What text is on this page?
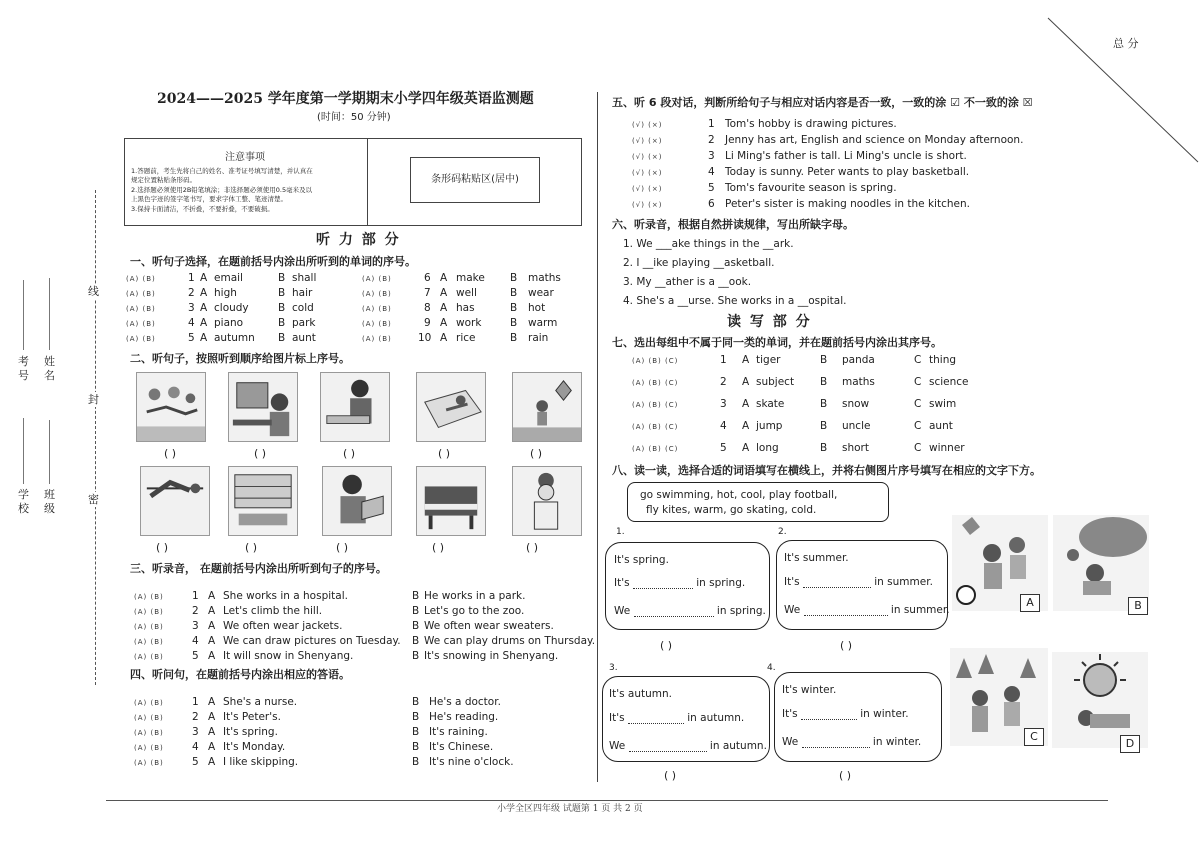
总 分
线
封
密
考号
姓名
学校
班级
2024——2025 学年度第一学期期末小学四年级英语监测题
(时间：50 分钟)
注意事项
1.答题前，考生先将自己的姓名、准考证号填写清楚，并认真在
规定位置粘贴条形码。
2.选择题必须使用2B铅笔填涂；非选择题必须使用0.5毫米及以
上黑色字迹的签字笔书写，要求字体工整、笔迹清楚。
3.保持卡面清洁，不折叠，不要折叠，不要破损。
条形码粘贴区(居中)
听 力 部 分
一、听句子选择，在题前括号内涂出所听到的单词的序号。
(A) (B)	1 A email	B shall
(A) (B)	2 A high	B hair
(A) (B)	3 A cloudy	B cold
(A) (B)	4 A piano	B park
(A) (B)	5 A autumn B aunt
(A) (B)	6 A make B maths
(A) (B)	7 A well	B wear
(A) (B)	8 A has	B hot
(A) (B)	9 A work	B warm
(A) (B)	10 A rice	B rain
二、听句子，按照听到顺序给图片标上序号。
( )	( )	( )	( )	( )
( )	( )	( )	( )	( )
三、听录音， 在题前括号内涂出所听到句子的序号。
(A) (B)	1 A She works in a hospital.	B He works in a park.
(A) (B)	2 A Let's climb the hill.	B Let's go to the zoo.
(A) (B)	3 A We often wear jackets.	B We often wear sweaters.
(A) (B)	4 A We can draw pictures on Tuesday. B We can play drums on Thursday.
(A) (B)	5 A It will snow in Shenyang.	B It's snowing in Shenyang.
四、听问句，在题前括号内涂出相应的答语。
(A) (B)	1 A She's a nurse.	B He's a doctor.
(A) (B)	2 A It's Peter's.	B He's reading.
(A) (B)	3 A It's spring.	B It's raining.
(A) (B)	4 A It's Monday.	B It's Chinese.
(A) (B)	5 A I like skipping.	B It's nine o'clock.
五、听 6 段对话，判断所给句子与相应对话内容是否一致，一致的涂 ☑ 不一致的涂 ☒
(√) (×)	1 Tom's hobby is drawing pictures.
(√) (×)	2 Jenny has art, English and science on Monday afternoon.
(√) (×)	3 Li Ming's father is tall. Li Ming's uncle is short.
(√) (×)	4 Today is sunny. Peter wants to play basketball.
(√) (×)	5 Tom's favourite season is spring.
(√) (×)	6 Peter's sister is making noodles in the kitchen.
六、听录音，根据自然拼读规律，写出所缺字母。
1. We ___ake things in the __ark.
2. I __ike playing __asketball.
3. My __ather is a __ook.
4. She's a __urse. She works in a __ospital.
读 写 部 分
七、选出每组中不属于同一类的单词，并在题前括号内涂出其序号。
(A) (B) (C)	1 A tiger	B panda	C thing
(A) (B) (C)	2 A subject B maths	C science
(A) (B) (C)	3 A skate	B snow	C swim
(A) (B) (C)	4 A jump	B uncle	C aunt
(A) (B) (C)	5 A long	B short	C winner
八、读一读，选择合适的词语填写在横线上，并将右侧图片序号填写在相应的文字下方。
go swimming, hot, cool, play football,
fly kites, warm, go skating, cold.
1.
It's spring.
It's	in spring.
We	in spring.
2.
It's summer.
It's	in summer.
We	in summer.
( )	( )
3.
It's autumn.
It's	in autumn.
We	in autumn.
4.
It's winter.
It's	in winter.
We	in winter.
( )	( )
A	B
C
D
小学全区四年级 试题第 1 页 共 2 页
